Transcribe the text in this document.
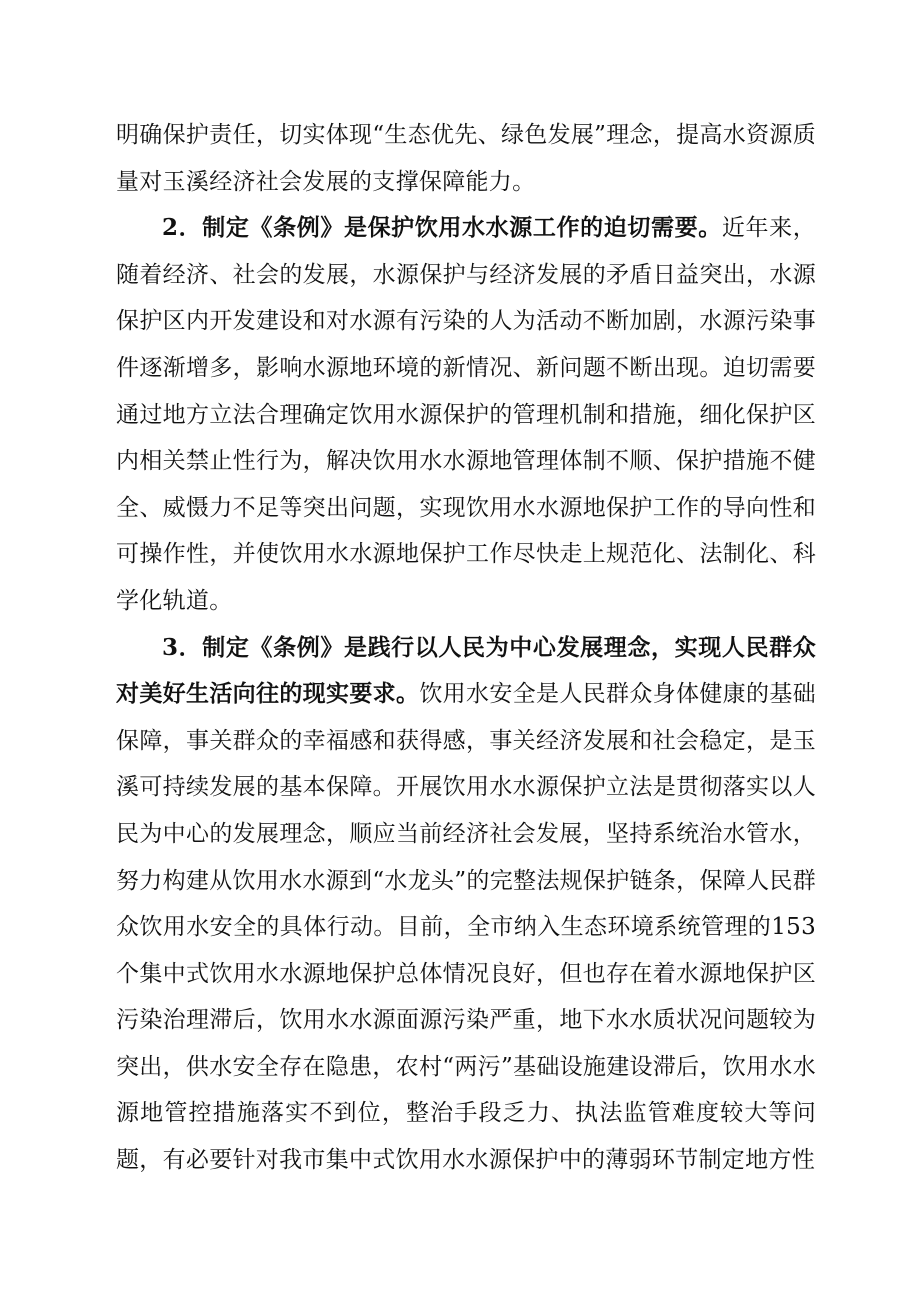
明确保护责任，切实体现“生态优先、绿色发展”理念，提高水资源质量对玉溪经济社会发展的支撑保障能力。

2．制定《条例》是保护饮用水水源工作的迫切需要。近年来，随着经济、社会的发展，水源保护与经济发展的矛盾日益突出，水源保护区内开发建设和对水源有污染的人为活动不断加剧，水源污染事件逐渐增多，影响水源地环境的新情况、新问题不断出现。迫切需要通过地方立法合理确定饮用水源保护的管理机制和措施，细化保护区内相关禁止性行为，解决饮用水水源地管理体制不顺、保护措施不健全、威慑力不足等突出问题，实现饮用水水源地保护工作的导向性和可操作性，并使饮用水水源地保护工作尽快走上规范化、法制化、科学化轨道。

3．制定《条例》是践行以人民为中心发展理念，实现人民群众对美好生活向往的现实要求。饮用水安全是人民群众身体健康的基础保障，事关群众的幸福感和获得感，事关经济发展和社会稳定，是玉溪可持续发展的基本保障。开展饮用水水源保护立法是贯彻落实以人民为中心的发展理念，顺应当前经济社会发展，坚持系统治水管水，努力构建从饮用水水源到“水龙头”的完整法规保护链条，保障人民群众饮用水安全的具体行动。目前，全市纳入生态环境系统管理的153个集中式饮用水水源地保护总体情况良好，但也存在着水源地保护区污染治理滞后，饮用水水源面源污染严重，地下水水质状况问题较为突出，供水安全存在隐患，农村“两污”基础设施建设滞后，饮用水水源地管控措施落实不到位，整治手段乏力、执法监管难度较大等问题，有必要针对我市集中式饮用水水源保护中的薄弱环节制定地方性
